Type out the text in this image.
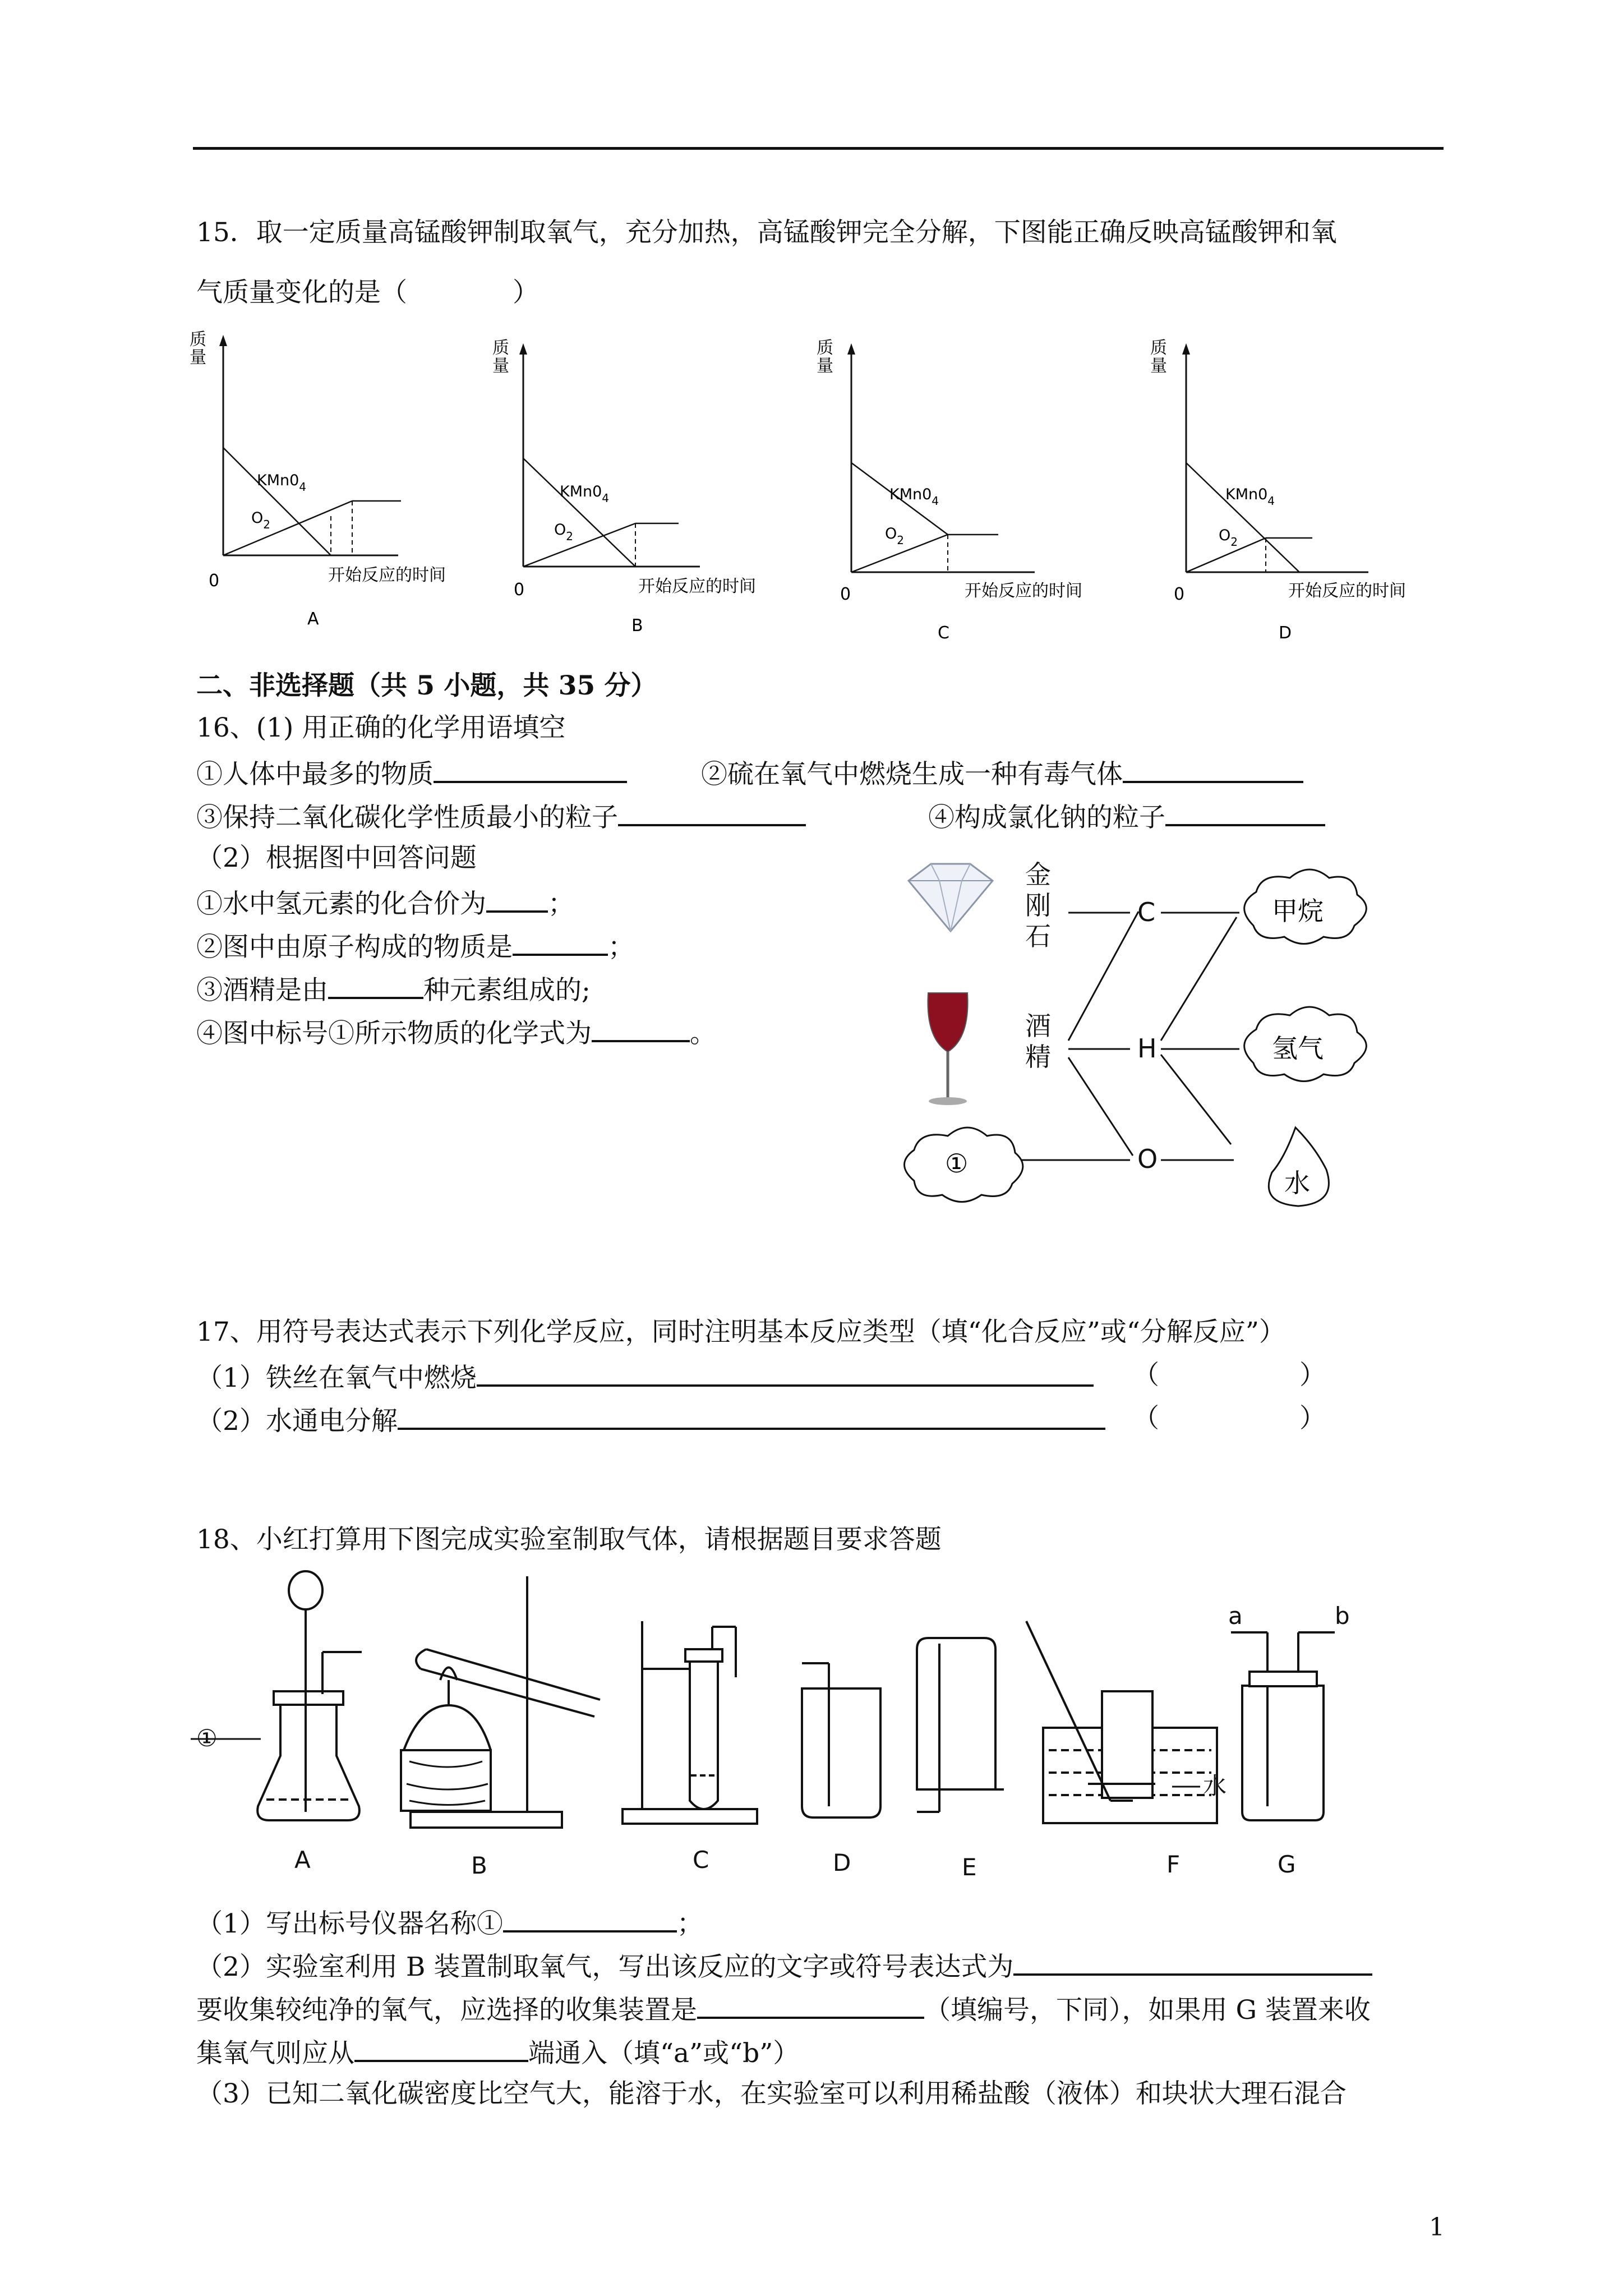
15．取一定质量高锰酸钾制取氧气，充分加热，高锰酸钾完全分解，下图能正确反映高锰酸钾和氧
气质量变化的是（　　　　）
质
量
$KMn0_4$
$O_2$
0	开始反应的时间
A
质
量
$KMn0_4$
$O_2$
0	开始反应的时间
B
质
量
$KMn0_4$
$O_2$
0	开始反应的时间
C
质
量
$KMn0_4$
$O_2$
0	开始反应的时间
D
二、非选择题（共 5 小题，共 35 分）
16、(1) 用正确的化学用语填空
①人体中最多的物质	②硫在氧气中燃烧生成一种有毒气体
③保持二氧化碳化学性质最小的粒子	④构成氯化钠的粒子
（2）根据图中回答问题
①水中氢元素的化合价为 ；
②图中由原子构成的物质是	；
③酒精是由	种元素组成的;
④图中标号①所示物质的化学式为	。
金
刚
石
酒
精
C
H
O
甲烷
氢气
水
①
17、用符号表达式表示下列化学反应，同时注明基本反应类型（填“化合反应”或“分解反应”）
（1）铁丝在氧气中燃烧	（	）
（2）水通电分解	（	）
18、小红打算用下图完成实验室制取气体，请根据题目要求答题
①
水
a	b
A	B	C	D	E	F	G
（1）写出标号仪器名称①	；
（2）实验室利用 B 装置制取氧气，写出该反应的文字或符号表达式为
要收集较纯净的氧气，应选择的收集装置是	（填编号，下同），如果用 G 装置来收
集氧气则应从	端通入（填“a”或“b”）
（3）已知二氧化碳密度比空气大，能溶于水，在实验室可以利用稀盐酸（液体）和块状大理石混合
1
